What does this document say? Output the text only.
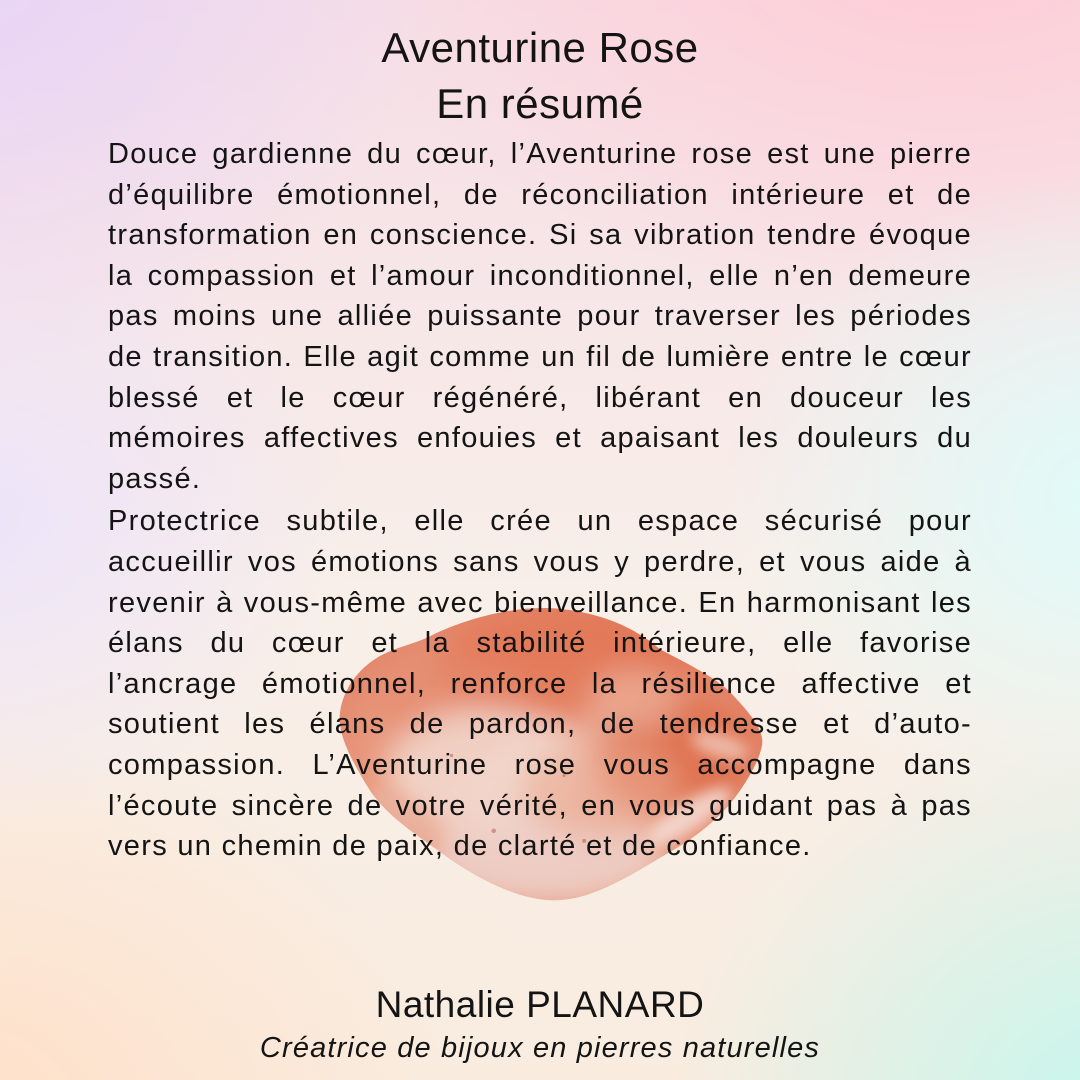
Aventurine Rose
En résumé

Douce gardienne du cœur, l’Aventurine rose est une pierre d’équilibre émotionnel, de réconciliation intérieure et de transformation en conscience. Si sa vibration tendre évoque la compassion et l’amour inconditionnel, elle n’en demeure pas moins une alliée puissante pour traverser les périodes de transition. Elle agit comme un fil de lumière entre le cœur blessé et le cœur régénéré, libérant en douceur les mémoires affectives enfouies et apaisant les douleurs du passé.

Protectrice subtile, elle crée un espace sécurisé pour accueillir vos émotions sans vous y perdre, et vous aide à revenir à vous-même avec bienveillance. En harmonisant les élans du cœur et la stabilité intérieure, elle favorise l’ancrage émotionnel, renforce la résilience affective et soutient les élans de pardon, de tendresse et d’auto-compassion. L’Aventurine rose vous accompagne dans l’écoute sincère de votre vérité, en vous guidant pas à pas vers un chemin de paix, de clarté et de confiance.

Nathalie PLANARD
Créatrice de bijoux en pierres naturelles
